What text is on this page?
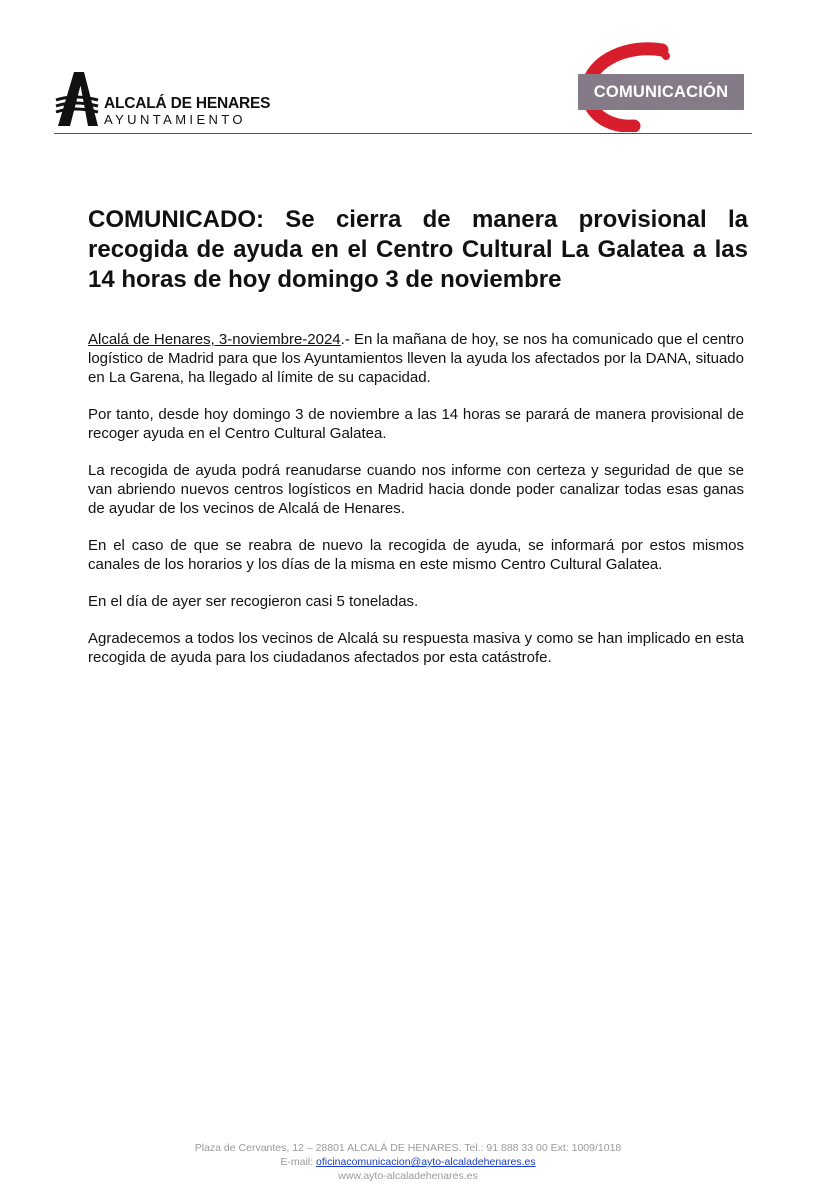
ALCALÁ DE HENARES
AYUNTAMIENTO
COMUNICACIÓN
COMUNICADO: Se cierra de manera provisional la recogida de ayuda en el Centro Cultural La Galatea a las 14 horas de hoy domingo 3 de noviembre

Alcalá de Henares, 3-noviembre-2024.- En la mañana de hoy, se nos ha comunicado que el centro logístico de Madrid para que los Ayuntamientos lleven la ayuda los afectados por la DANA, situado en La Garena, ha llegado al límite de su capacidad.

Por tanto, desde hoy domingo 3 de noviembre a las 14 horas se parará de manera provisional de recoger ayuda en el Centro Cultural Galatea.

La recogida de ayuda podrá reanudarse cuando nos informe con certeza y seguridad de que se van abriendo nuevos centros logísticos en Madrid hacia donde poder canalizar todas esas ganas de ayudar de los vecinos de Alcalá de Henares.

En el caso de que se reabra de nuevo la recogida de ayuda, se informará por estos mismos canales de los horarios y los días de la misma en este mismo Centro Cultural Galatea.

En el día de ayer ser recogieron casi 5 toneladas.

Agradecemos a todos los vecinos de Alcalá su respuesta masiva y como se han implicado en esta recogida de ayuda para los ciudadanos afectados por esta catástrofe.

Plaza de Cervantes, 12 – 28801 ALCALÁ DE HENARES. Tel.: 91 888 33 00 Ext: 1009/1018
E-mail: oficinacomunicacion@ayto-alcaladehenares.es
www.ayto-alcaladehenares.es
